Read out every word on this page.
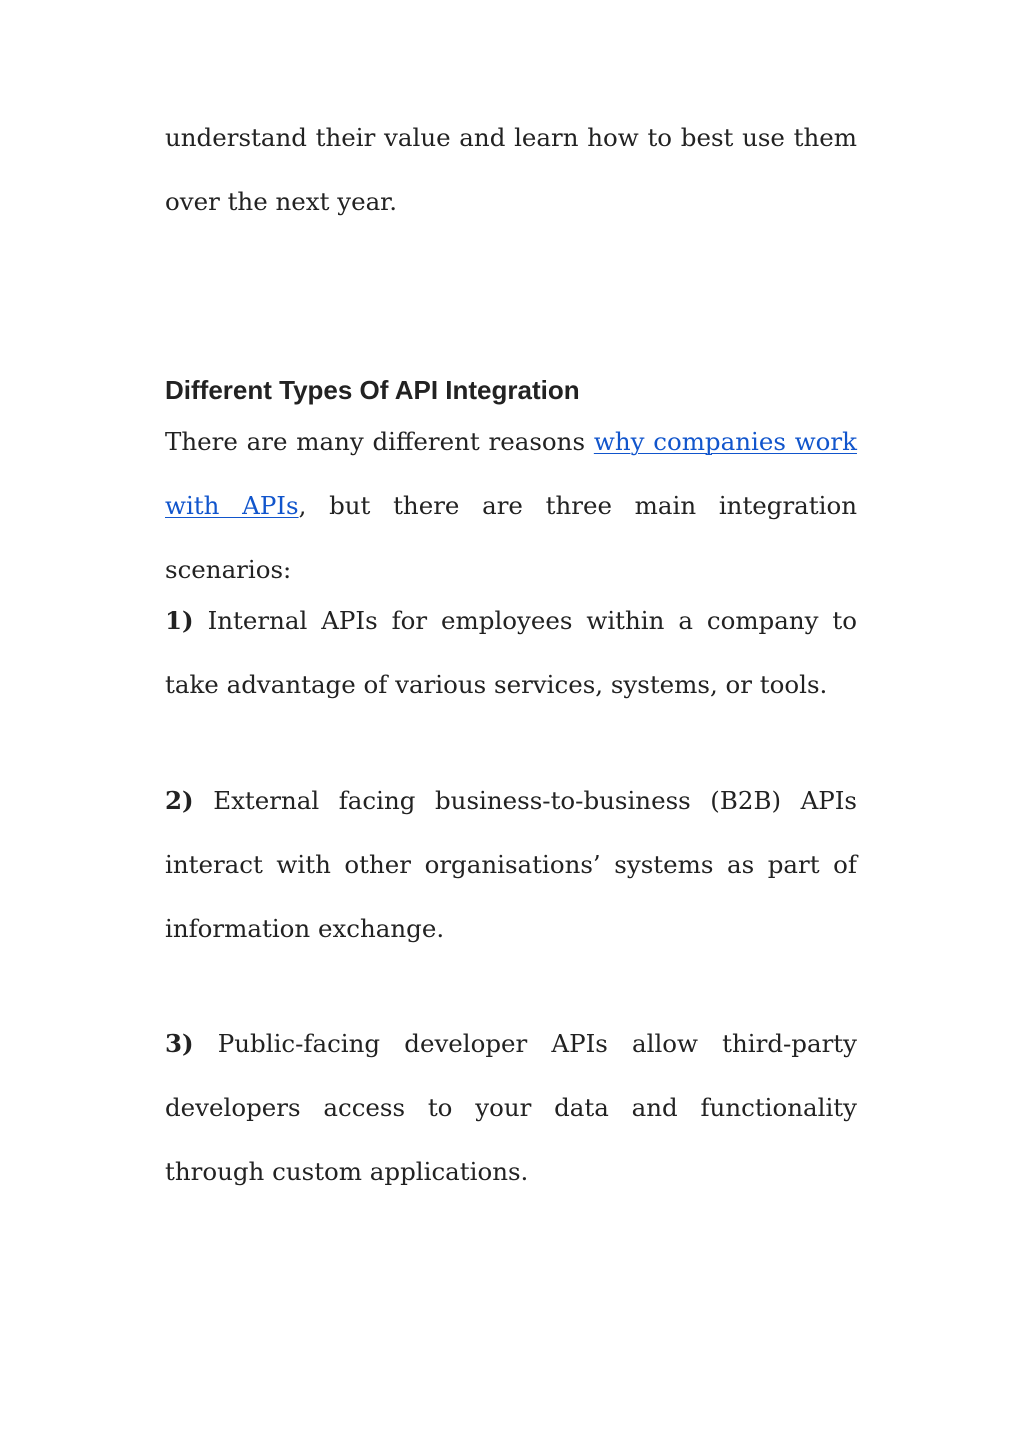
understand their value and learn how to best use them over the next year.

Different Types Of API Integration

There are many different reasons why companies work with APIs, but there are three main integration scenarios:

1) Internal APIs for employees within a company to take advantage of various services, systems, or tools.

2) External facing business-to-business (B2B) APIs interact with other organisations’ systems as part of information exchange.

3) Public-facing developer APIs allow third-party developers access to your data and functionality through custom applications.
